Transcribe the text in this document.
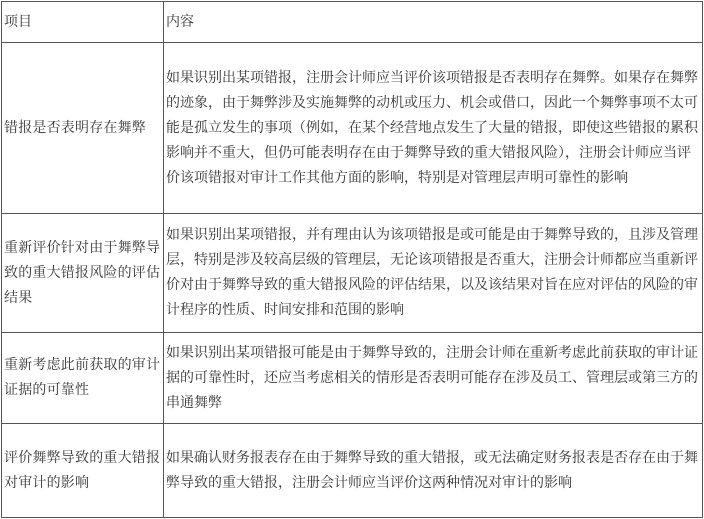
项目	内容
错报是否表明存在舞弊	如果识别出某项错报，注册会计师应当评价该项错报是否表明存在舞弊。如果存在舞弊的迹象，由于舞弊涉及实施舞弊的动机或压力、机会或借口，因此一个舞弊事项不太可能是孤立发生的事项（例如，在某个经营地点发生了大量的错报，即使这些错报的累积影响并不重大，但仍可能表明存在由于舞弊导致的重大错报风险），注册会计师应当评价该项错报对审计工作其他方面的影响，特别是对管理层声明可靠性的影响
重新评价针对由于舞弊导致的重大错报风险的评估结果	如果识别出某项错报，并有理由认为该项错报是或可能是由于舞弊导致的，且涉及管理层，特别是涉及较高层级的管理层，无论该项错报是否重大，注册会计师都应当重新评价对由于舞弊导致的重大错报风险的评估结果，以及该结果对旨在应对评估的风险的审计程序的性质、时间安排和范围的影响
重新考虑此前获取的审计证据的可靠性	如果识别出某项错报可能是由于舞弊导致的，注册会计师在重新考虑此前获取的审计证据的可靠性时，还应当考虑相关的情形是否表明可能存在涉及员工、管理层或第三方的串通舞弊
评价舞弊导致的重大错报对审计的影响	如果确认财务报表存在由于舞弊导致的重大错报，或无法确定财务报表是否存在由于舞弊导致的重大错报，注册会计师应当评价这两种情况对审计的影响
